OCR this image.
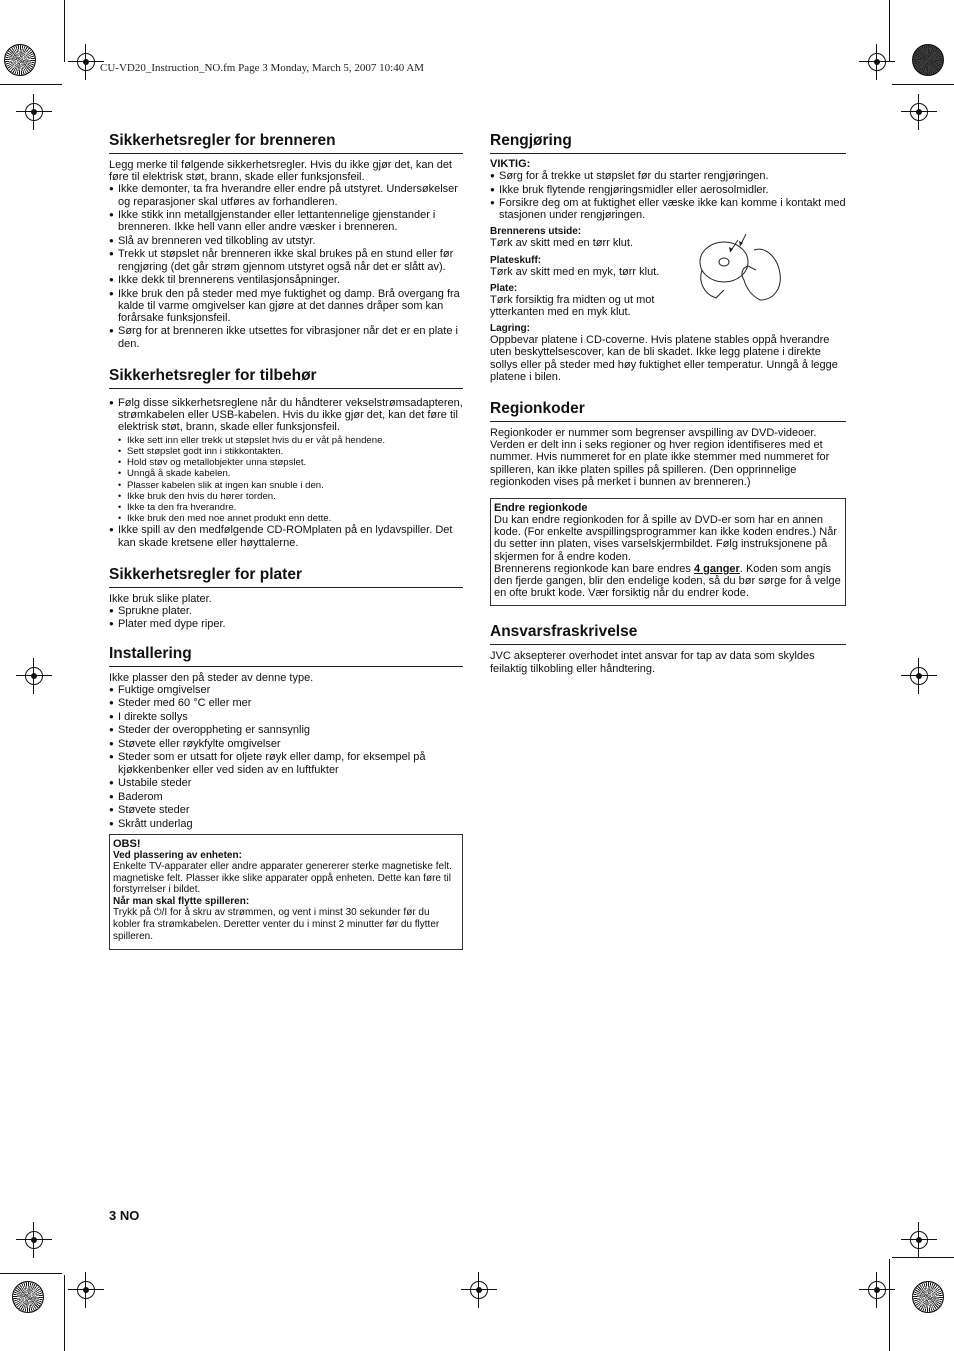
CU-VD20_Instruction_NO.fm Page 3 Monday, March 5, 2007 10:40 AM
Sikkerhetsregler for brenneren

Legg merke til følgende sikkerhetsregler. Hvis du ikke gjør det, kan det føre til elektrisk støt, brann, skade eller funksjonsfeil.

● Ikke demonter, ta fra hverandre eller endre på utstyret. Undersøkelser og reparasjoner skal utføres av forhandleren.

● Ikke stikk inn metallgjenstander eller lettantennelige gjenstander i brenneren. Ikke hell vann eller andre væsker i brenneren.

● Slå av brenneren ved tilkobling av utstyr.

● Trekk ut støpslet når brenneren ikke skal brukes på en stund eller før rengjøring (det går strøm gjennom utstyret også når det er slått av).

● Ikke dekk til brennerens ventilasjonsåpninger.

● Ikke bruk den på steder med mye fuktighet og damp. Brå overgang fra kalde til varme omgivelser kan gjøre at det dannes dråper som kan forårsake funksjonsfeil.

● Sørg for at brenneren ikke utsettes for vibrasjoner når det er en plate i den.

Sikkerhetsregler for tilbehør

● Følg disse sikkerhetsreglene når du håndterer vekselstrømsadapteren, strømkabelen eller USB-kabelen. Hvis du ikke gjør det, kan det føre til elektrisk støt, brann, skade eller funksjonsfeil.

• Ikke sett inn eller trekk ut støpslet hvis du er våt på hendene.

• Sett støpslet godt inn i stikkontakten.

• Hold støv og metallobjekter unna støpslet.

• Unngå å skade kabelen.

• Plasser kabelen slik at ingen kan snuble i den.

• Ikke bruk den hvis du hører torden.

• Ikke ta den fra hverandre.

• Ikke bruk den med noe annet produkt enn dette.

● Ikke spill av den medfølgende CD-ROMplaten på en lydavspiller. Det kan skade kretsene eller høyttalerne.

Sikkerhetsregler for plater

Ikke bruk slike plater.

● Sprukne plater.

● Plater med dype riper.

Installering

Ikke plasser den på steder av denne type.

● Fuktige omgivelser

● Steder med 60 °C eller mer

● I direkte sollys

● Steder der overoppheting er sannsynlig

● Støvete eller røykfylte omgivelser

● Steder som er utsatt for oljete røyk eller damp, for eksempel på kjøkkenbenker eller ved siden av en luftfukter

● Ustabile steder

● Baderom

● Støvete steder

● Skrått underlag

OBS!

Ved plassering av enheten:

Enkelte TV-apparater eller andre apparater genererer sterke magnetiske felt. magnetiske felt. Plasser ikke slike apparater oppå enheten. Dette kan føre til forstyrrelser i bildet.

Når man skal flytte spilleren:

Trykk på ⏻/I for å skru av strømmen, og vent i minst 30 sekunder før du kobler fra strømkabelen. Deretter venter du i minst 2 minutter før du flytter spilleren.

Rengjøring

VIKTIG:

● Sørg for å trekke ut støpslet før du starter rengjøringen.

● Ikke bruk flytende rengjøringsmidler eller aerosolmidler.

● Forsikre deg om at fuktighet eller væske ikke kan komme i kontakt med stasjonen under rengjøringen.

Brennerens utside:

Tørk av skitt med en tørr klut.

Plateskuff:

Tørk av skitt med en myk, tørr klut.

Plate:

Tørk forsiktig fra midten og ut mot ytterkanten med en myk klut.

Lagring:

Oppbevar platene i CD-coverne. Hvis platene stables oppå hverandre uten beskyttelsescover, kan de bli skadet. Ikke legg platene i direkte sollys eller på steder med høy fuktighet eller temperatur. Unngå å legge platene i bilen.

Regionkoder

Regionkoder er nummer som begrenser avspilling av DVD-videoer. Verden er delt inn i seks regioner og hver region identifiseres med et nummer. Hvis nummeret for en plate ikke stemmer med nummeret for spilleren, kan ikke platen spilles på spilleren. (Den opprinnelige regionkoden vises på merket i bunnen av brenneren.)

Endre regionkode

Du kan endre regionkoden for å spille av DVD-er som har en annen kode. (For enkelte avspillingsprogrammer kan ikke koden endres.) Når du setter inn platen, vises varselskjermbildet. Følg instruksjonene på skjermen for å endre koden.

Brennerens regionkode kan bare endres 4 ganger. Koden som angis den fjerde gangen, blir den endelige koden, så du bør sørge for å velge en ofte brukt kode. Vær forsiktig når du endrer kode.

Ansvarsfraskrivelse

JVC aksepterer overhodet intet ansvar for tap av data som skyldes feilaktig tilkobling eller håndtering.

3 NO
